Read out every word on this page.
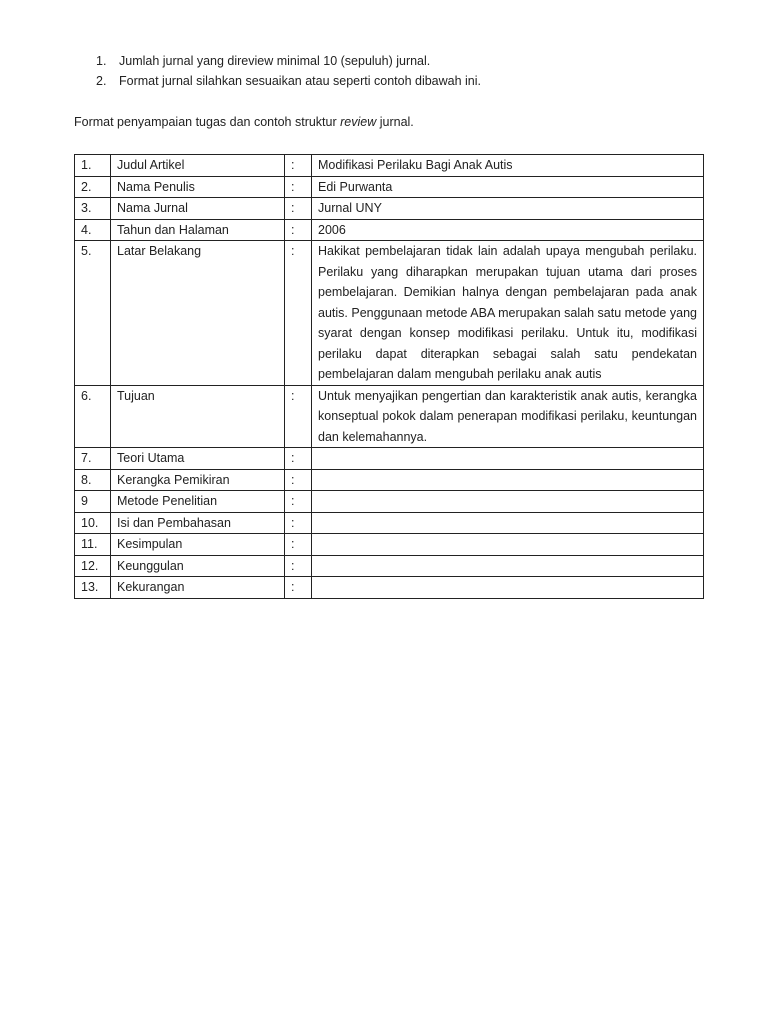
1.	Jumlah jurnal yang direview minimal 10 (sepuluh) jurnal.
2.	Format jurnal silahkan sesuaikan atau seperti contoh dibawah ini.

Format penyampaian tugas dan contoh struktur review jurnal.

1.	Judul Artikel	:	Modifikasi Perilaku Bagi Anak Autis
2.	Nama Penulis	:	Edi Purwanta
3.	Nama Jurnal	:	Jurnal UNY
4.	Tahun dan Halaman	:	2006
5.	Latar Belakang	:	Hakikat pembelajaran tidak lain adalah upaya mengubah perilaku. Perilaku yang diharapkan merupakan tujuan utama dari proses pembelajaran. Demikian halnya dengan pembelajaran pada anak autis. Penggunaan metode ABA merupakan salah satu metode yang syarat dengan konsep modifikasi perilaku. Untuk itu, modifikasi perilaku dapat diterapkan sebagai salah satu pendekatan pembelajaran dalam mengubah perilaku anak autis
6.	Tujuan	:	Untuk menyajikan pengertian dan karakteristik anak autis, kerangka konseptual pokok dalam penerapan modifikasi perilaku, keuntungan dan kelemahannya.
7.	Teori Utama	:	
8.	Kerangka Pemikiran	:	
9	Metode Penelitian	:	
10.	Isi dan Pembahasan	:	
11.	Kesimpulan	:	
12.	Keunggulan	:	
13.	Kekurangan	:	
